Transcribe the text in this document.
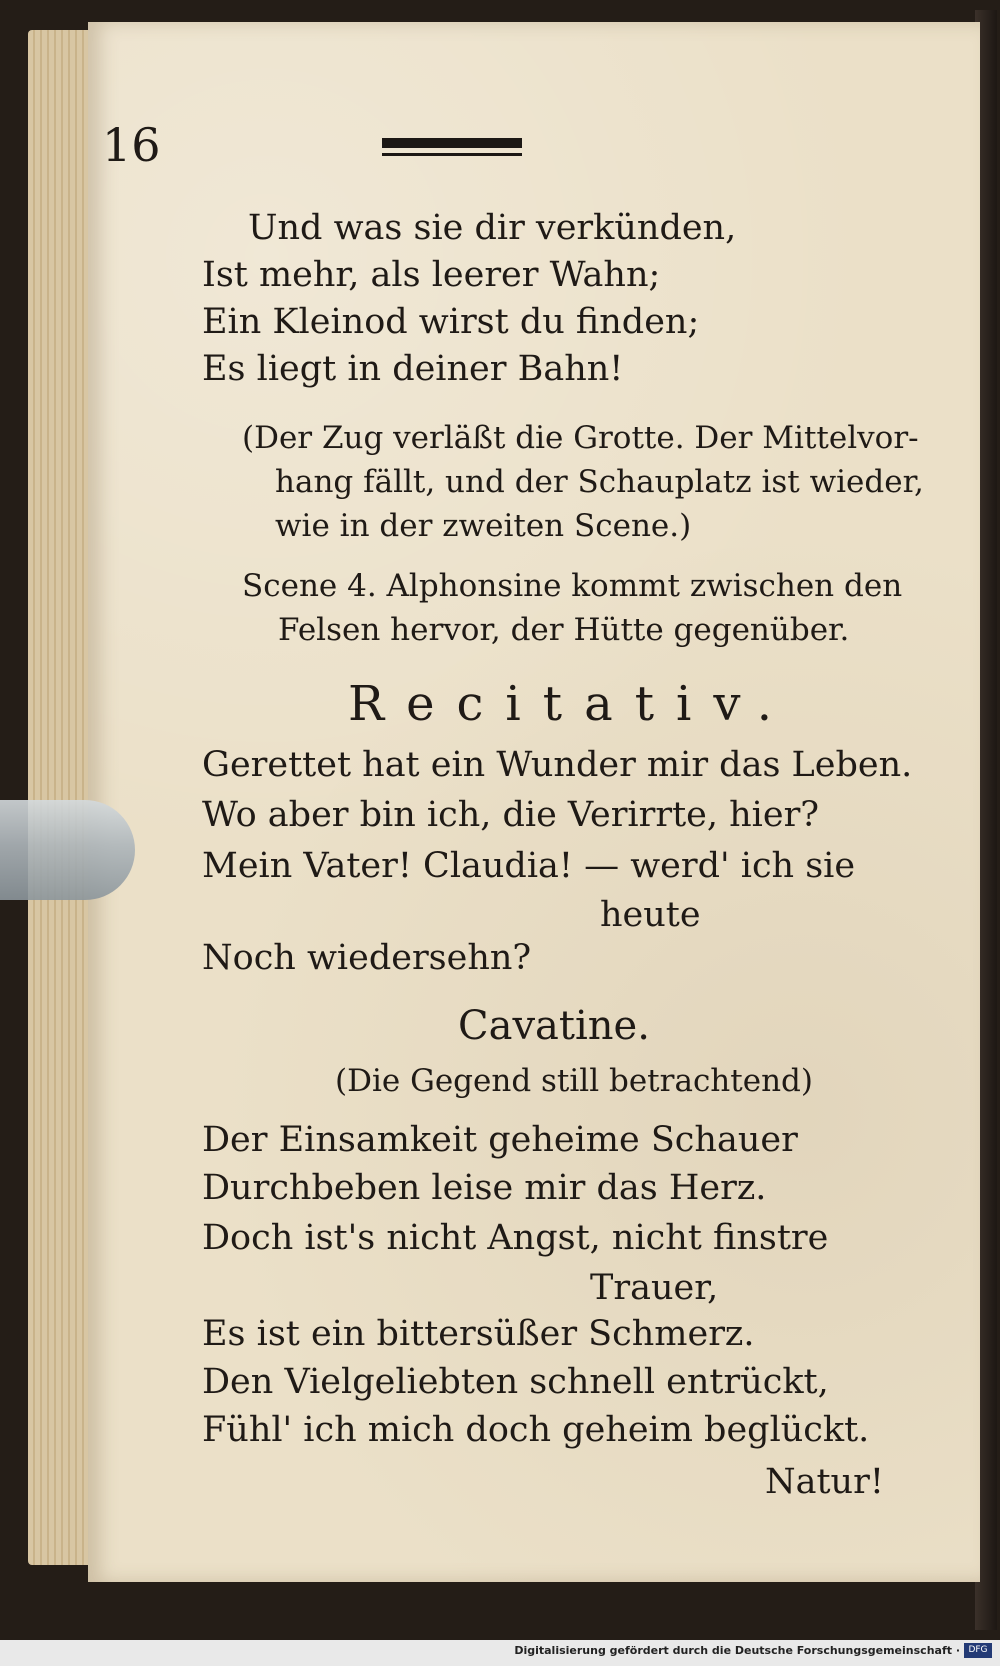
16
Und was sie dir verkünden,
Ist mehr, als leerer Wahn;
Ein Kleinod wirst du finden;
Es liegt in deiner Bahn!
(Der Zug verläßt die Grotte. Der Mittelvor-
hang fällt, und der Schauplatz ist wieder,
wie in der zweiten Scene.)
Scene 4. Alphonsine kommt zwischen den
Felsen hervor, der Hütte gegenüber.
Recitativ.
Gerettet hat ein Wunder mir das Leben.
Wo aber bin ich, die Verirrte, hier?
Mein Vater! Claudia! — werd' ich sie
heute
Noch wiedersehn?
Cavatine.
(Die Gegend still betrachtend)
Der Einsamkeit geheime Schauer
Durchbeben leise mir das Herz.
Doch ist's nicht Angst, nicht finstre
Trauer,
Es ist ein bittersüßer Schmerz.
Den Vielgeliebten schnell entrückt,
Fühl' ich mich doch geheim beglückt.
Natur!
Digitalisierung gefördert durch die Deutsche Forschungsgemeinschaft · DFG
